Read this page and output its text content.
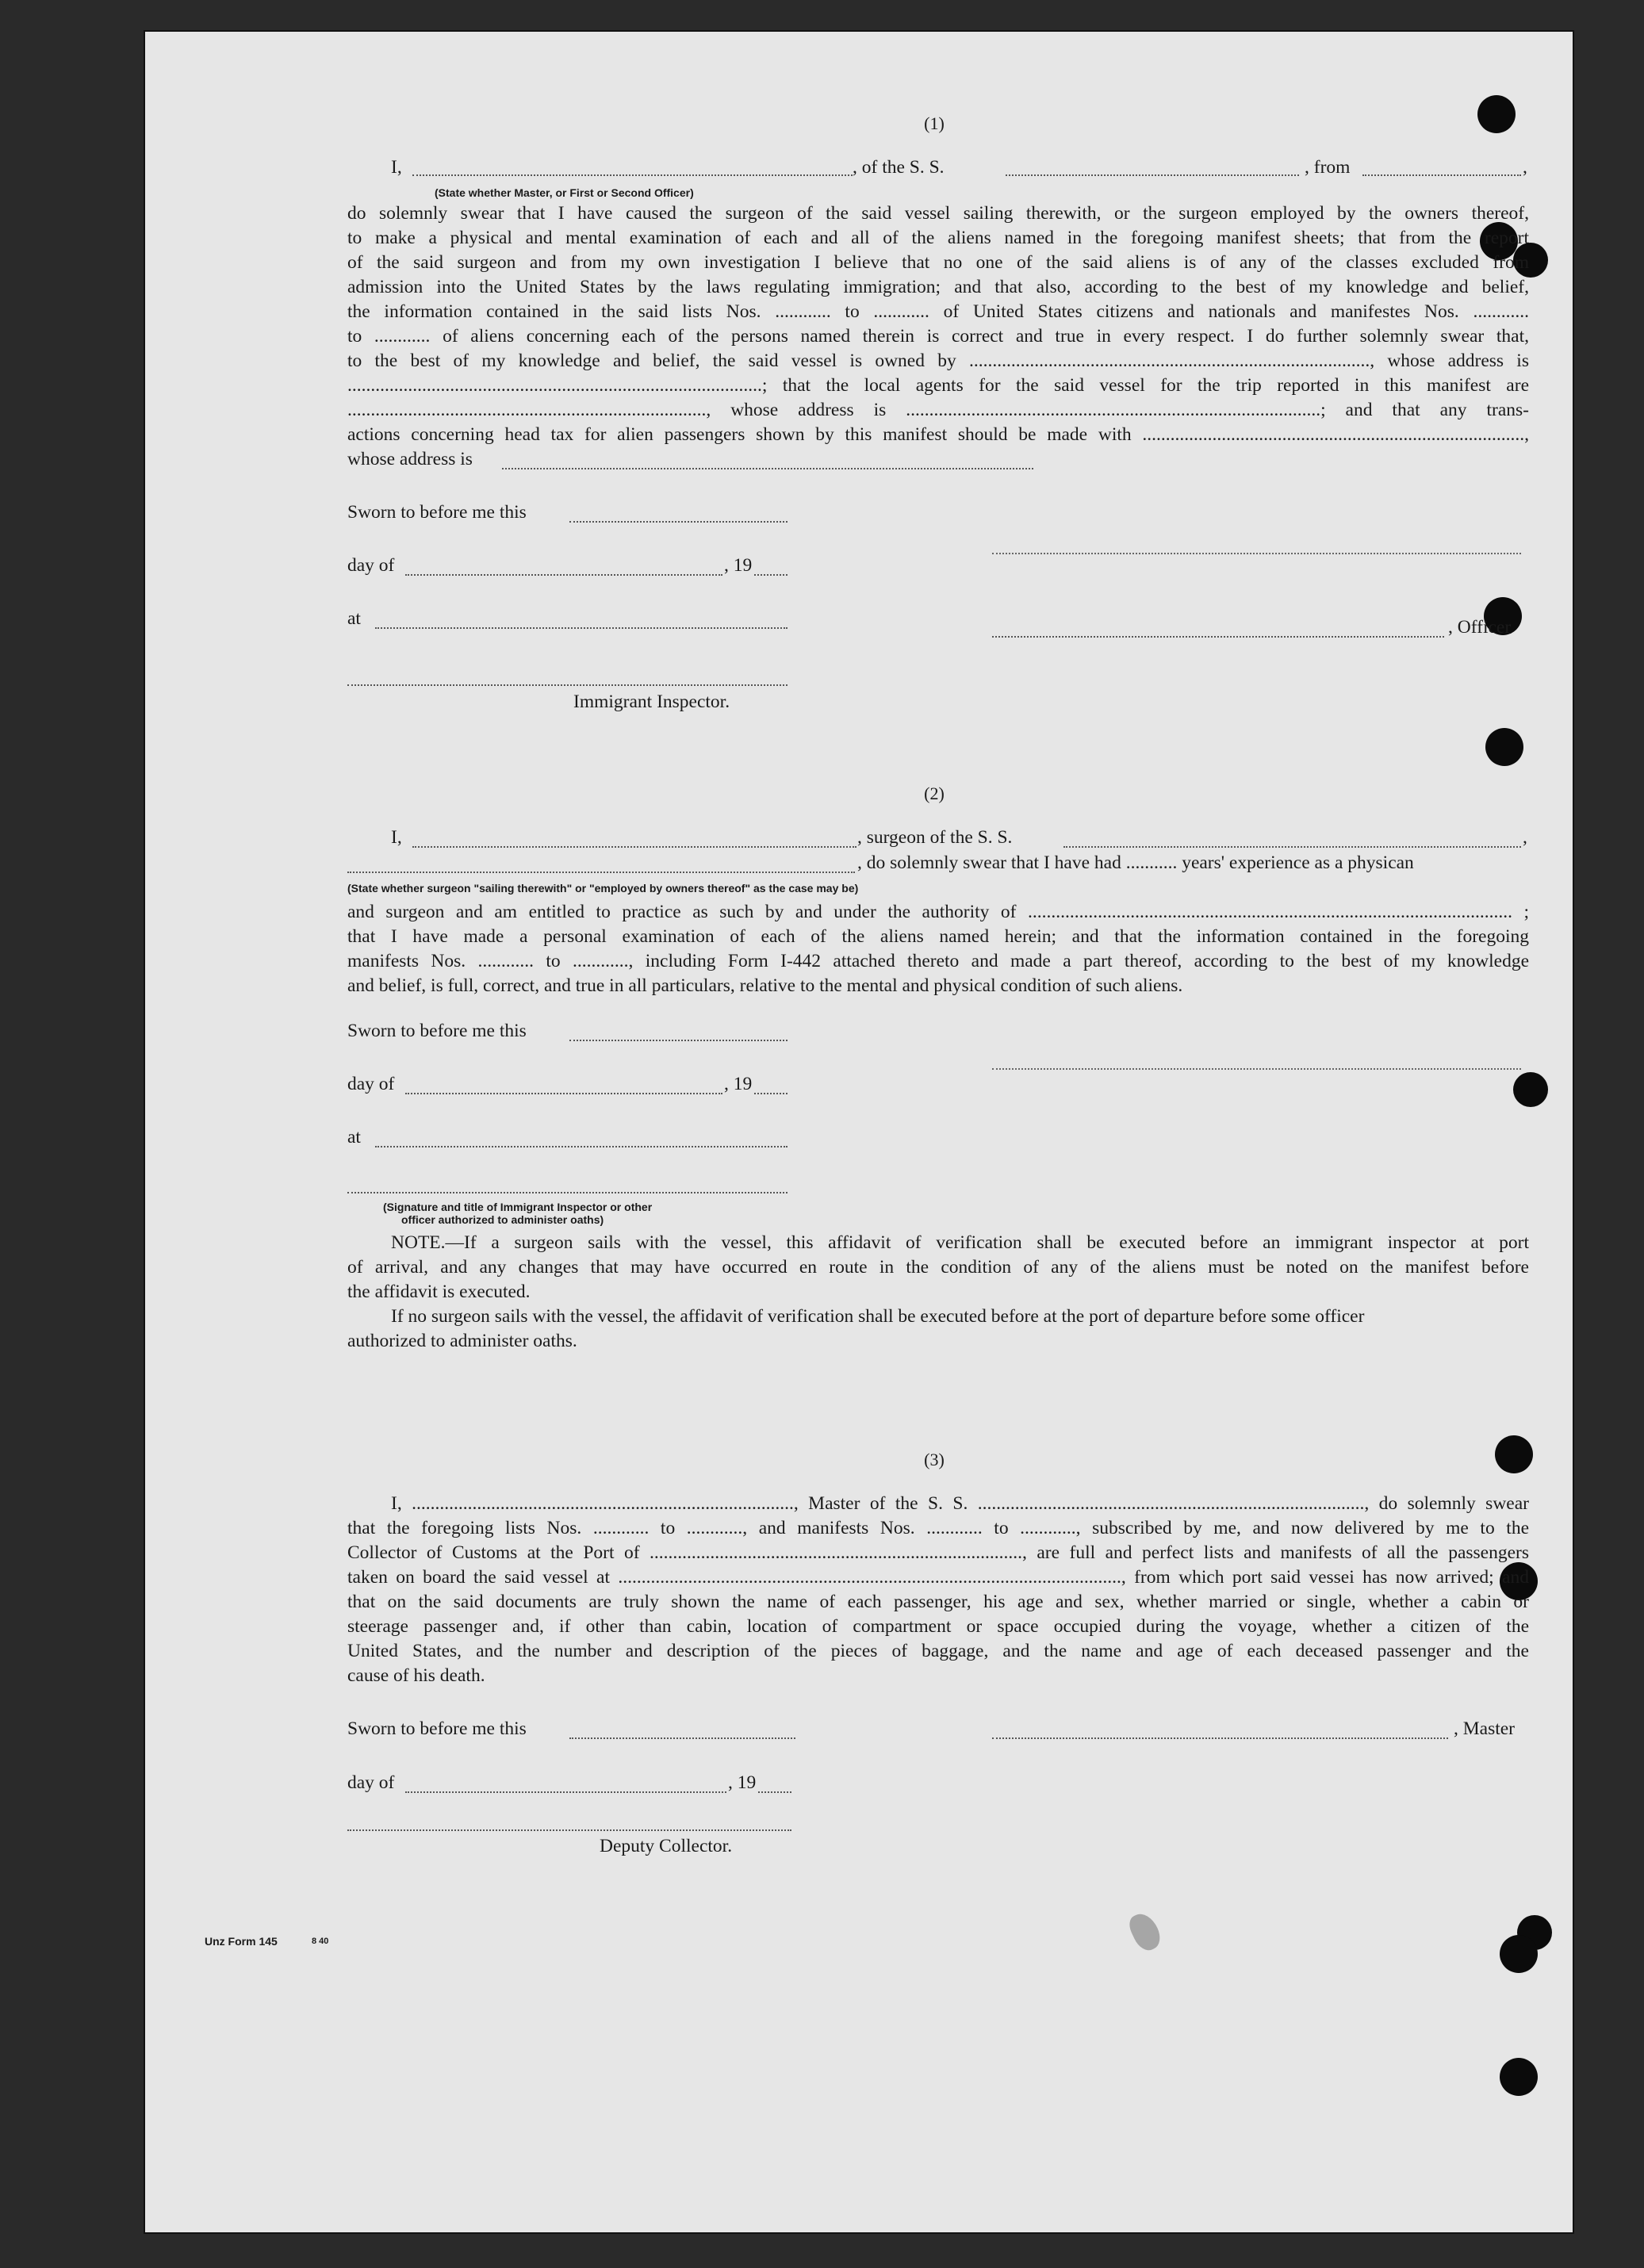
(1)
I,	, of the S. S.	, from	,
(State whether Master, or First or Second Officer)
do solemnly swear that I have caused the surgeon of the said vessel sailing therewith, or the surgeon employed by the owners thereof,
to make a physical and mental examination of each and all of the aliens named in the foregoing manifest sheets; that from the report
of the said surgeon and from my own investigation I believe that no one of the said aliens is of any of the classes excluded from
admission into the United States by the laws regulating immigration; and that also, according to the best of my knowledge and belief,
the information contained in the said lists Nos. ............ to ............ of United States citizens and nationals and manifestes Nos. ............
to ............ of aliens concerning each of the persons named therein is correct and true in every respect. I do further solemnly swear that,
to the best of my knowledge and belief, the said vessel is owned by ......................................................................................, whose address is
.........................................................................................; that the local agents for the said vessel for the trip reported in this manifest are
............................................................................., whose address is .........................................................................................; and that any trans-
actions concerning head tax for alien passengers shown by this manifest should be made with ..................................................................................,
whose address is
Sworn to before me this
day of	, 19
at	, Officer
Immigrant Inspector.
(2)
I,	, surgeon of the S. S.	,
, do solemnly swear that I have had ........... years' experience as a physican
(State whether surgeon "sailing therewith" or "employed by owners thereof" as the case may be)
and surgeon and am entitled to practice as such by and under the authority of ........................................................................................................ ;
that I have made a personal examination of each of the aliens named herein; and that the information contained in the foregoing
manifests Nos. ............ to ............, including Form I-442 attached thereto and made a part thereof, according to the best of my knowledge
and belief, is full, correct, and true in all particulars, relative to the mental and physical condition of such aliens.
Sworn to before me this
day of	, 19
at
(Signature and title of Immigrant Inspector or other
officer authorized to administer oaths)
NOTE.—If a surgeon sails with the vessel, this affidavit of verification shall be executed before an immigrant inspector at port
of arrival, and any changes that may have occurred en route in the condition of any of the aliens must be noted on the manifest before
the affidavit is executed.
If no surgeon sails with the vessel, the affidavit of verification shall be executed before at the port of departure before some officer
authorized to administer oaths.
(3)
I, .................................................................................., Master of the S. S. ..................................................................................., do solemnly swear
that the foregoing lists Nos. ............ to ............, and manifests Nos. ............ to ............, subscribed by me, and now delivered by me to the
Collector of Customs at the Port of ................................................................................, are full and perfect lists and manifests of all the passengers
taken on board the said vessel at ............................................................................................................, from which port said vessei has now arrived; and
that on the said documents are truly shown the name of each passenger, his age and sex, whether married or single, whether a cabin or
steerage passenger and, if other than cabin, location of compartment or space occupied during the voyage, whether a citizen of the
United States, and the number and description of the pieces of baggage, and the name and age of each deceased passenger and the
cause of his death.
Sworn to before me this	, Master
day of	, 19
Deputy Collector.
Unz Form 145	8 40
